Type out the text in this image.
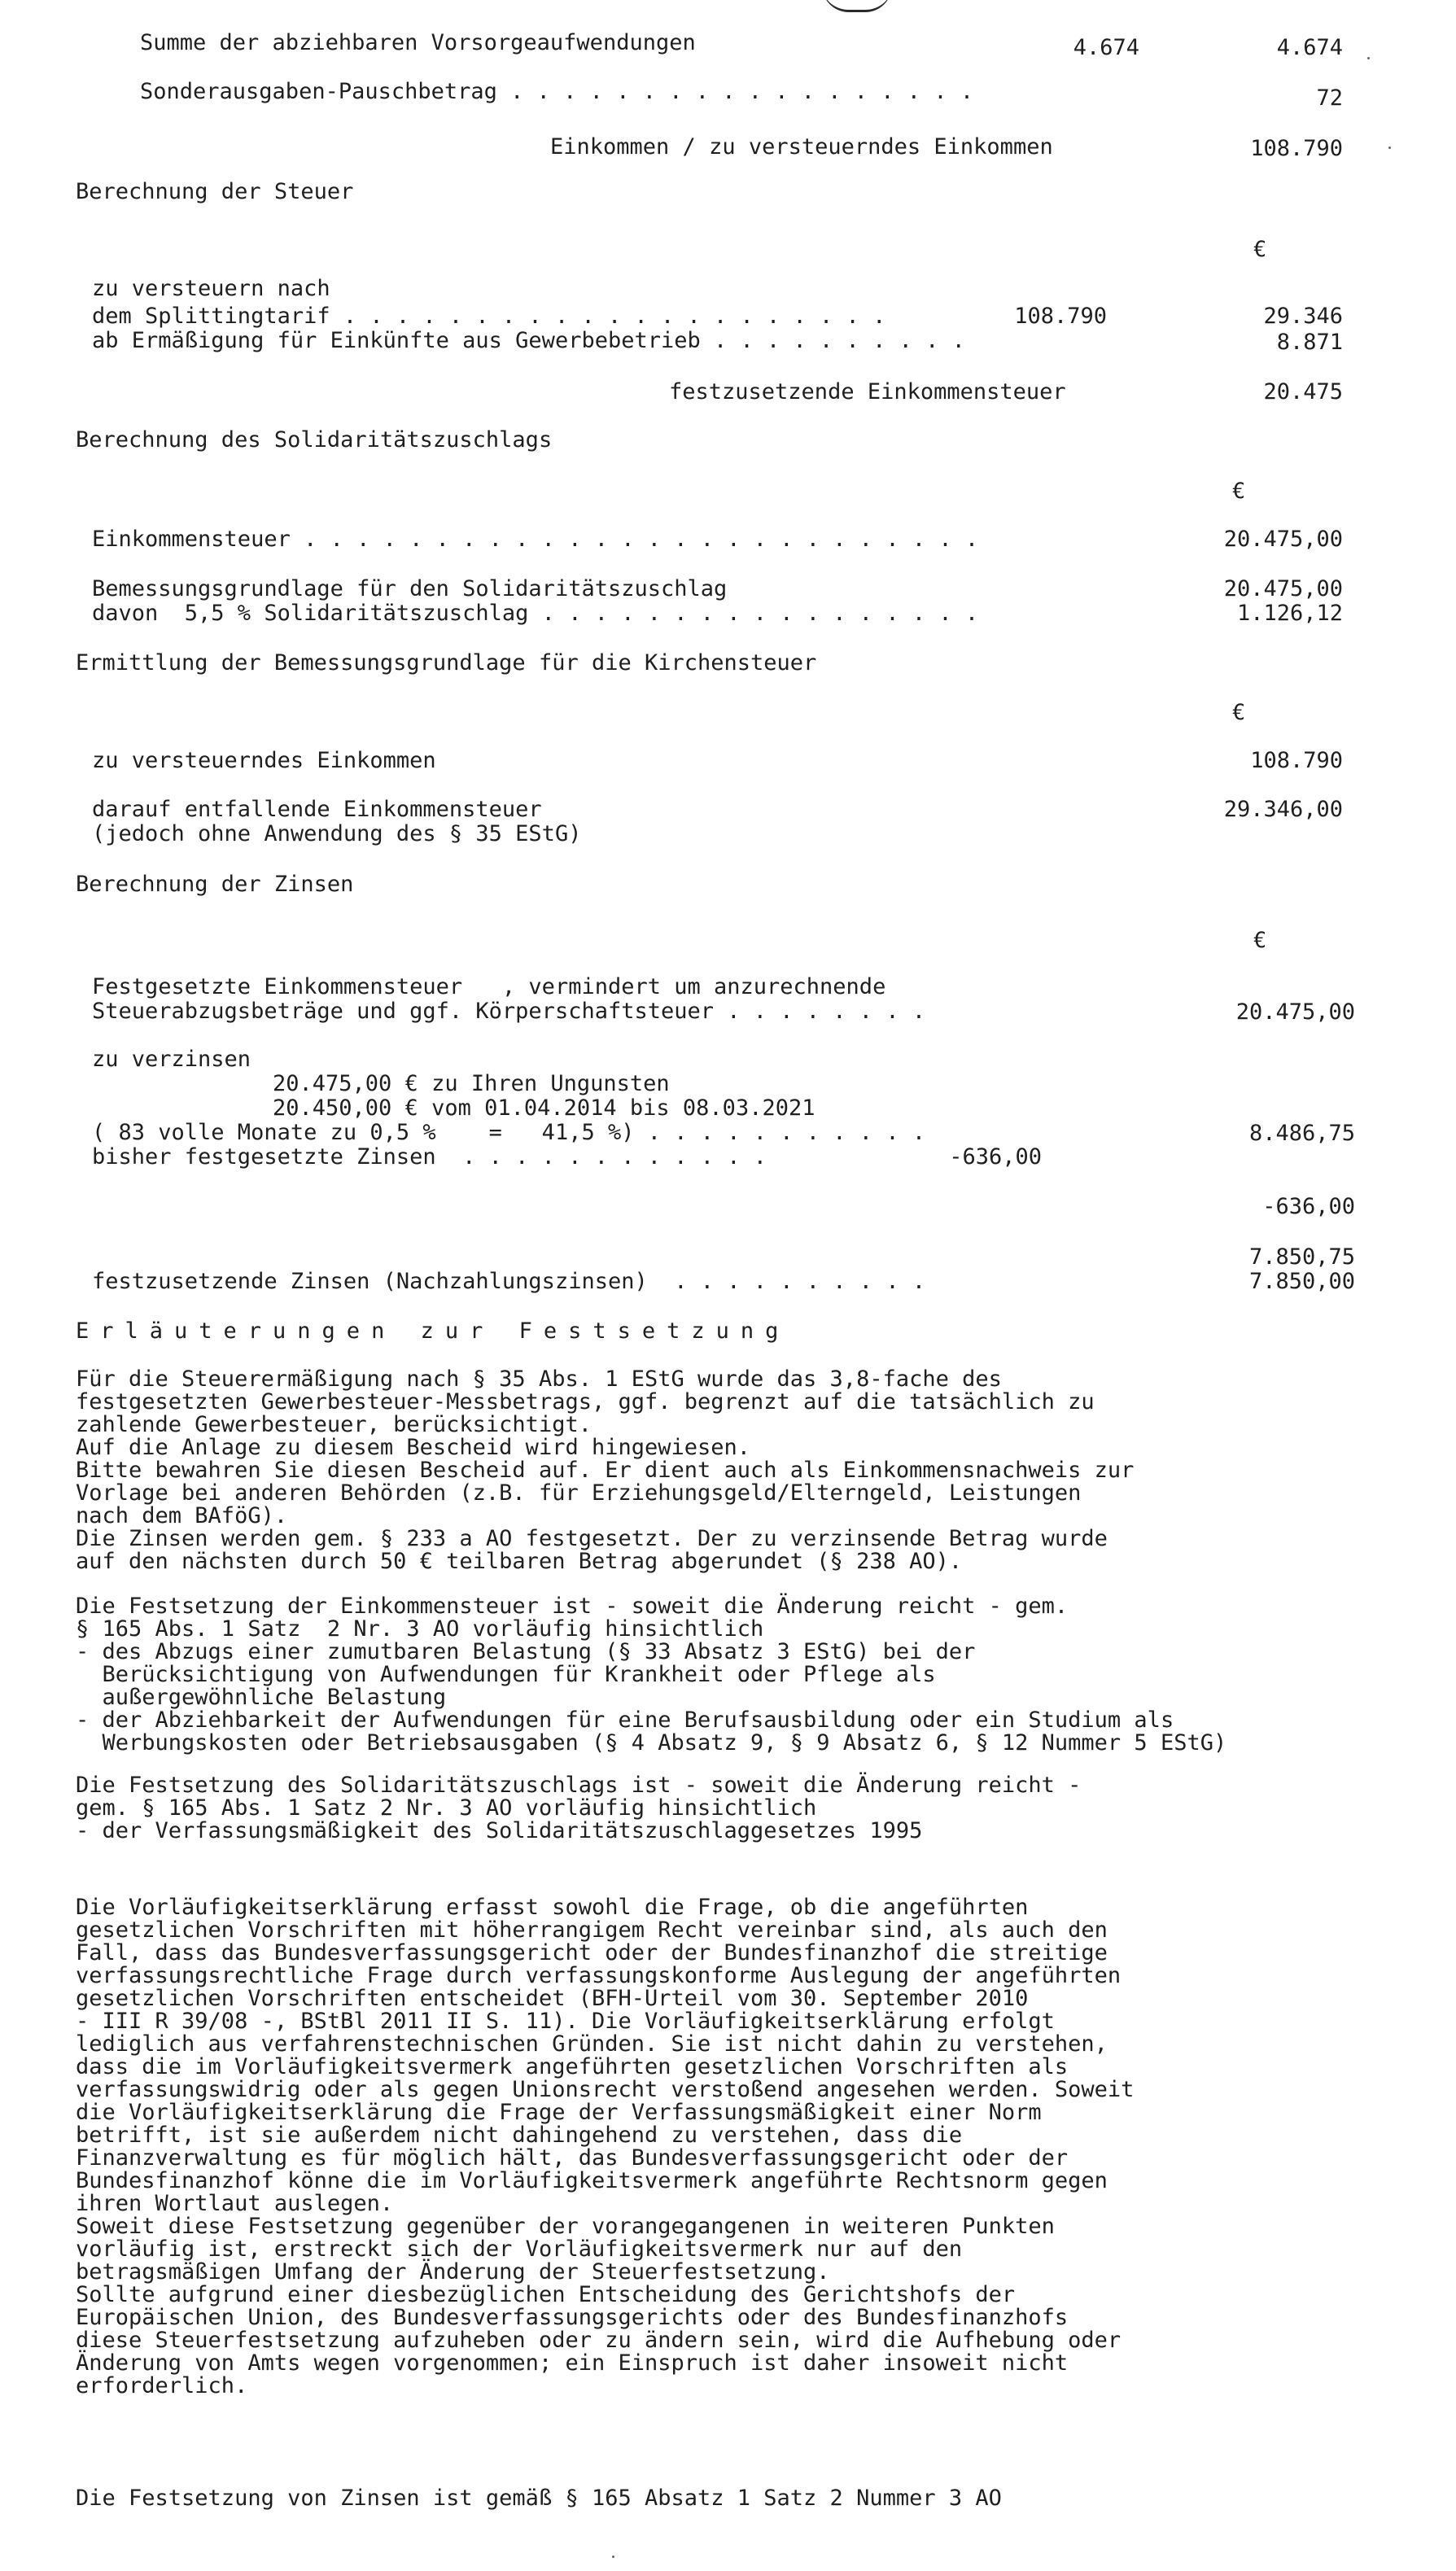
Summe der abziehbaren Vorsorgeaufwendungen	4.674	4.674
Sonderausgaben-Pauschbetrag . . . . . . . . . . . . . . . . . .	72
Einkommen / zu versteuerndes Einkommen	108.790
Berechnung der Steuer
€
zu versteuern nach
dem Splittingtarif . . . . . . . . . . . . . . . . . . . . .	108.790	29.346
ab Ermäßigung für Einkünfte aus Gewerbebetrieb . . . . . . . . . .	8.871
festzusetzende Einkommensteuer	20.475
Berechnung des Solidaritätszuschlags
€
Einkommensteuer . . . . . . . . . . . . . . . . . . . . . . . . . .	20.475,00
Bemessungsgrundlage für den Solidaritätszuschlag	20.475,00
davon  5,5 % Solidaritätszuschlag . . . . . . . . . . . . . . . . .	1.126,12
Ermittlung der Bemessungsgrundlage für die Kirchensteuer
€
zu versteuerndes Einkommen	108.790
darauf entfallende Einkommensteuer	29.346,00
(jedoch ohne Anwendung des § 35 EStG)
Berechnung der Zinsen
€
Festgesetzte Einkommensteuer   , vermindert um anzurechnende
Steuerabzugsbeträge und ggf. Körperschaftsteuer . . . . . . . .	20.475,00
zu verzinsen
20.475,00 € zu Ihren Ungunsten
20.450,00 € vom 01.04.2014 bis 08.03.2021
( 83 volle Monate zu 0,5 %    =   41,5 %) . . . . . . . . . . .	8.486,75
bisher festgesetzte Zinsen  . . . . . . . . . . . .	-636,00
-636,00
7.850,75
festzusetzende Zinsen (Nachzahlungszinsen)  . . . . . . . . . .	7.850,00
Erläuterungen zur Festsetzung
Für die Steuerermäßigung nach § 35 Abs. 1 EStG wurde das 3,8-fache des
festgesetzten Gewerbesteuer-Messbetrags, ggf. begrenzt auf die tatsächlich zu
zahlende Gewerbesteuer, berücksichtigt.
Auf die Anlage zu diesem Bescheid wird hingewiesen.
Bitte bewahren Sie diesen Bescheid auf. Er dient auch als Einkommensnachweis zur
Vorlage bei anderen Behörden (z.B. für Erziehungsgeld/Elterngeld, Leistungen
nach dem BAföG).
Die Zinsen werden gem. § 233 a AO festgesetzt. Der zu verzinsende Betrag wurde
auf den nächsten durch 50 € teilbaren Betrag abgerundet (§ 238 AO).
Die Festsetzung der Einkommensteuer ist - soweit die Änderung reicht - gem.
§ 165 Abs. 1 Satz  2 Nr. 3 AO vorläufig hinsichtlich
- des Abzugs einer zumutbaren Belastung (§ 33 Absatz 3 EStG) bei der
Berücksichtigung von Aufwendungen für Krankheit oder Pflege als
außergewöhnliche Belastung
- der Abziehbarkeit der Aufwendungen für eine Berufsausbildung oder ein Studium als
Werbungskosten oder Betriebsausgaben (§ 4 Absatz 9, § 9 Absatz 6, § 12 Nummer 5 EStG)
Die Festsetzung des Solidaritätszuschlags ist - soweit die Änderung reicht -
gem. § 165 Abs. 1 Satz 2 Nr. 3 AO vorläufig hinsichtlich
- der Verfassungsmäßigkeit des Solidaritätszuschlaggesetzes 1995
Die Vorläufigkeitserklärung erfasst sowohl die Frage, ob die angeführten
gesetzlichen Vorschriften mit höherrangigem Recht vereinbar sind, als auch den
Fall, dass das Bundesverfassungsgericht oder der Bundesfinanzhof die streitige
verfassungsrechtliche Frage durch verfassungskonforme Auslegung der angeführten
gesetzlichen Vorschriften entscheidet (BFH-Urteil vom 30. September 2010
- III R 39/08 -, BStBl 2011 II S. 11). Die Vorläufigkeitserklärung erfolgt
lediglich aus verfahrenstechnischen Gründen. Sie ist nicht dahin zu verstehen,
dass die im Vorläufigkeitsvermerk angeführten gesetzlichen Vorschriften als
verfassungswidrig oder als gegen Unionsrecht verstoßend angesehen werden. Soweit
die Vorläufigkeitserklärung die Frage der Verfassungsmäßigkeit einer Norm
betrifft, ist sie außerdem nicht dahingehend zu verstehen, dass die
Finanzverwaltung es für möglich hält, das Bundesverfassungsgericht oder der
Bundesfinanzhof könne die im Vorläufigkeitsvermerk angeführte Rechtsnorm gegen
ihren Wortlaut auslegen.
Soweit diese Festsetzung gegenüber der vorangegangenen in weiteren Punkten
vorläufig ist, erstreckt sich der Vorläufigkeitsvermerk nur auf den
betragsmäßigen Umfang der Änderung der Steuerfestsetzung.
Sollte aufgrund einer diesbezüglichen Entscheidung des Gerichtshofs der
Europäischen Union, des Bundesverfassungsgerichts oder des Bundesfinanzhofs
diese Steuerfestsetzung aufzuheben oder zu ändern sein, wird die Aufhebung oder
Änderung von Amts wegen vorgenommen; ein Einspruch ist daher insoweit nicht
erforderlich.
Die Festsetzung von Zinsen ist gemäß § 165 Absatz 1 Satz 2 Nummer 3 AO
